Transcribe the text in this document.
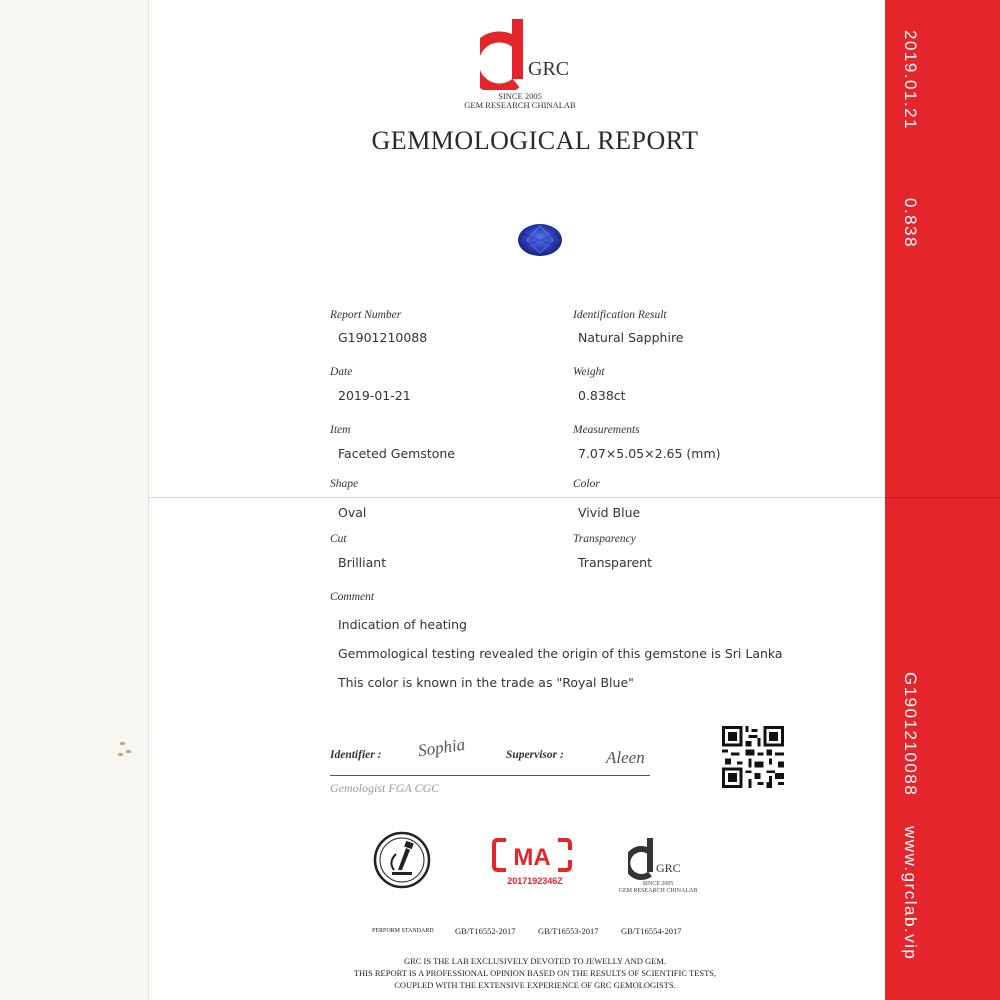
2019.01.21
0.838
G1901210088
www.grclab.vip
GRC
SINCE 2005
GEM RESEARCH CHINALAB
GEMMOLOGICAL REPORT
Report Number
G1901210088
Date
2019-01-21
Item
Faceted Gemstone
Shape
Oval
Cut
Brilliant
Identification Result
Natural Sapphire
Weight
0.838ct
Measurements
7.07×5.05×2.65 (mm)
Color
Vivid Blue
Transparency
Transparent
Comment
Indication of heating
Gemmological testing revealed the origin of this gemstone is Sri Lanka
This color is known in the trade as "Royal Blue"
Identifier : Sophia	Supervisor : Aleen
Gemologist FGA CGC
MA
2017192346Z
GRC
SINCE 2005
GEM RESEARCH CHINALAB
PERFORM STANDARD	GB/T16552-2017	GB/T16553-2017	GB/T16554-2017
GRC IS THE LAB EXCLUSIVELY DEVOTED TO JEWELLY AND GEM.
THIS REPORT IS A PROFESSIONAL OPINION BASED ON THE RESULTS OF SCIENTIFIC TESTS,
COUPLED WITH THE EXTENSIVE EXPERIENCE OF GRC GEMOLOGISTS.
